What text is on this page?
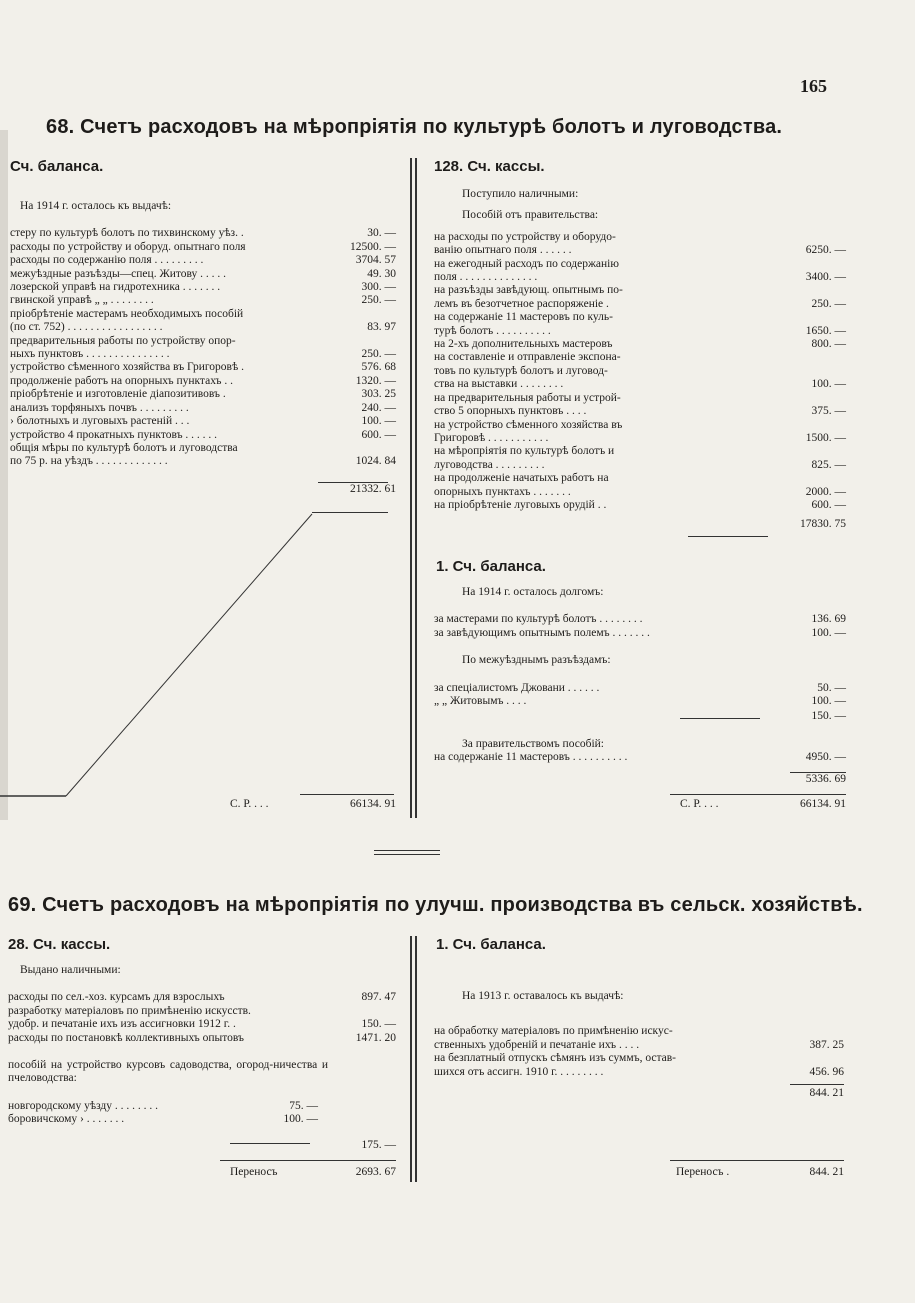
165
68. Счетъ расходовъ на мѣропріятія по культурѣ болотъ и луговодства.
Сч. баланса.
На 1914 г. осталось къ выдачѣ:
стеру по культурѣ болотъ по тихвинскому уѣз. .	30. —
расходы по устройству и оборуд. опытнаго поля	12500. —
расходы по содержанію поля . . . . . . . . .	3704. 57
межуѣздные разъѣзды—спец. Житову . . . . .	49. 30
лозерской управѣ на гидротехника . . . . . . .	300. —
гвинской управѣ „ „ . . . . . . . .	250. —
пріобрѣтеніе мастерамъ необходимыхъ пособій
(по ст. 752) . . . . . . . . . . . . . . . . .	83. 97
предварительныя работы по устройству опор-
ныхъ пунктовъ . . . . . . . . . . . . . . .	250. —
устройство сѣменного хозяйства въ Григоровѣ .	576. 68
продолженіе работъ на опорныхъ пунктахъ . .	1320. —
пріобрѣтеніе и изготовленіе діапозитивовъ .	303. 25
анализъ торфяныхъ почвъ . . . . . . . . .	240. —
› болотныхъ и луговыхъ растеній . . .	100. —
устройство 4 прокатныхъ пунктовъ . . . . . .	600. —
общія мѣры по культурѣ болотъ и луговодства
по 75 р. на уѣздъ . . . . . . . . . . . . .	1024. 84
21332. 61
С. Р. . . .	66134. 91
128. Сч. кассы.
Поступило наличными:
Пособій отъ правительства:
на расходы по устройству и оборудо-
ванію опытнаго поля . . . . . .	6250. —
на ежегодный расходъ по содержанію
поля . . . . . . . . . . . . . .	3400. —
на разъѣзды завѣдующ. опытнымъ по-
лемъ въ безотчетное распоряженіе .	250. —
на содержаніе 11 мастеровъ по куль-
турѣ болотъ . . . . . . . . . .	1650. —
на 2-хъ дополнительныхъ мастеровъ	800. —
на составленіе и отправленіе экспона-
товъ по культурѣ болотъ и луговод-
ства на выставки . . . . . . . .	100. —
на предварительныя работы и устрой-
ство 5 опорныхъ пунктовъ . . . .	375. —
на устройство сѣменного хозяйства въ
Григоровѣ . . . . . . . . . . .	1500. —
на мѣропріятія по культурѣ болотъ и
луговодства . . . . . . . . .	825. —
на продолженіе начатыхъ работъ на
опорныхъ пунктахъ . . . . . . .	2000. —
на пріобрѣтеніе луговыхъ орудій . .	600. —
17830. 75
1. Сч. баланса.
На 1914 г. осталось долгомъ:
за мастерами по культурѣ болотъ . . . . . . . .	136. 69
за завѣдующимъ опытнымъ полемъ . . . . . . .	100. —
По межуѣзднымъ разъѣздамъ:
за спеціалистомъ Джовани . . . . . .	50. —
„ „ Житовымъ . . . .	100. —
150. —
За правительствомъ пособій:
на содержаніе 11 мастеровъ . . . . . . . . . .	4950. —
5336. 69
С. Р. . . .	66134. 91
69. Счетъ расходовъ на мѣропріятія по улучш. производства въ сельск. хозяйствѣ.
28. Сч. кассы.
Выдано наличными:
расходы по сел.-хоз. курсамъ для взрослыхъ	897. 47
разработку матеріаловъ по примѣненію искусств.
удобр. и печатаніе ихъ изъ ассигновки 1912 г. .	150. —
расходы по постановкѣ коллективныхъ опытовъ	1471. 20
пособій на устройство курсовъ садоводства, огород-ничества и пчеловодства:
новгородскому уѣзду . . . . . . . .	75. —
боровичскому › . . . . . . .	100. —
175. —
Переносъ	2693. 67
1. Сч. баланса.
На 1913 г. оставалось къ выдачѣ:
на обработку матеріаловъ по примѣненію искус-
ственныхъ удобреній и печатаніе ихъ . . . .	387. 25
на безплатный отпускъ сѣмянъ изъ суммъ, остав-
шихся отъ ассигн. 1910 г. . . . . . . . .	456. 96
844. 21
Переносъ .	844. 21
